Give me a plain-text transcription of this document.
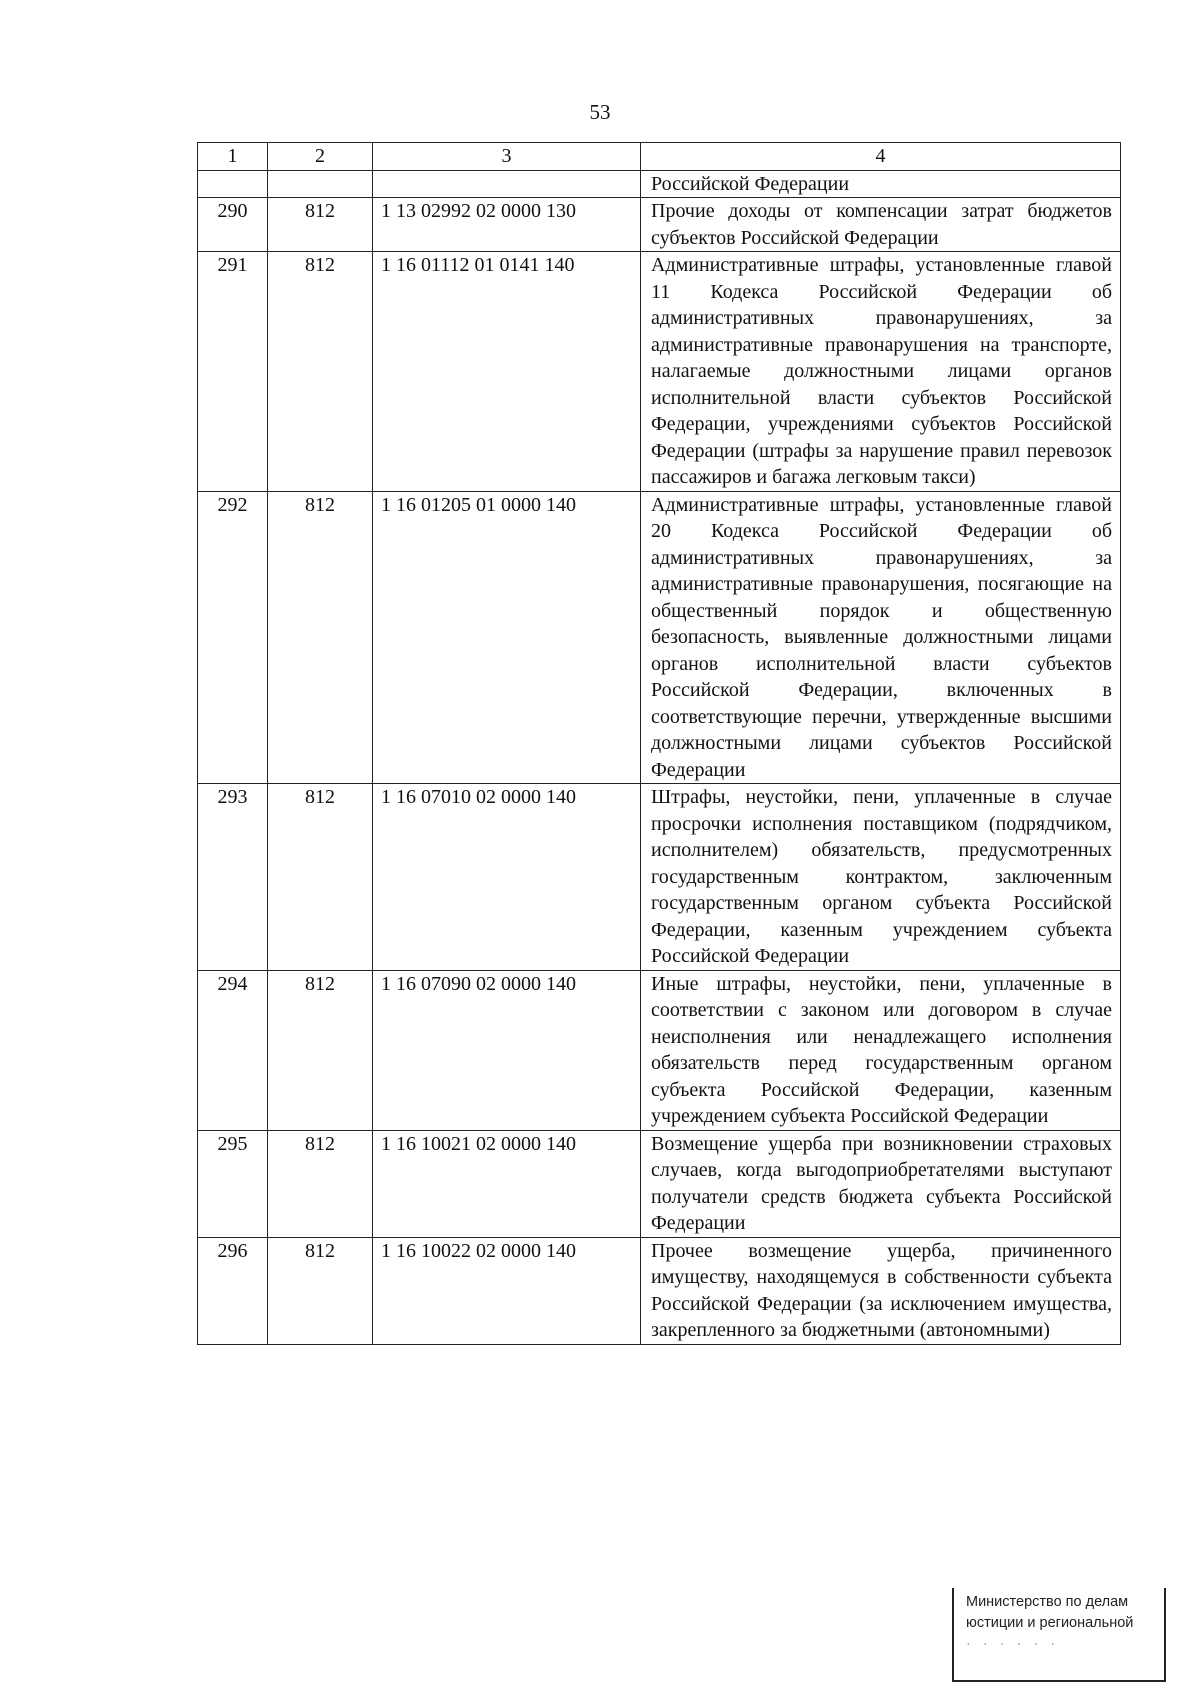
53
1	2	3	4
			Российской Федерации
290	812	1 13 02992 02 0000 130	Прочие доходы от компенсации затрат бюджетов субъектов Российской Федерации
291	812	1 16 01112 01 0141 140	Административные штрафы, установленные главой 11 Кодекса Российской Федерации об административных правонарушениях, за административные правонарушения на транспорте, налагаемые должностными лицами органов исполнительной власти субъектов Российской Федерации, учреждениями субъектов Российской Федерации (штрафы за нарушение правил перевозок пассажиров и багажа легковым такси)
292	812	1 16 01205 01 0000 140	Административные штрафы, установленные главой 20 Кодекса Российской Федерации об административных правонарушениях, за административные правонарушения, посягающие на общественный порядок и общественную безопасность, выявленные должностными лицами органов исполнительной власти субъектов Российской Федерации, включенных в соответствующие перечни, утвержденные высшими должностными лицами субъектов Российской Федерации
293	812	1 16 07010 02 0000 140	Штрафы, неустойки, пени, уплаченные в случае просрочки исполнения поставщиком (подрядчиком, исполнителем) обязательств, предусмотренных государственным контрактом, заключенным государственным органом субъекта Российской Федерации, казенным учреждением субъекта Российской Федерации
294	812	1 16 07090 02 0000 140	Иные штрафы, неустойки, пени, уплаченные в соответствии с законом или договором в случае неисполнения или ненадлежащего исполнения обязательств перед государственным органом субъекта Российской Федерации, казенным учреждением субъекта Российской Федерации
295	812	1 16 10021 02 0000 140	Возмещение ущерба при возникновении страховых случаев, когда выгодоприобретателями выступают получатели средств бюджета субъекта Российской Федерации
296	812	1 16 10022 02 0000 140	Прочее возмещение ущерба, причиненного имуществу, находящемуся в собственности субъекта Российской Федерации (за исключением имущества, закрепленного за бюджетными (автономными)
Министерство по делам
юстиции и региональной
· · · · · ·
